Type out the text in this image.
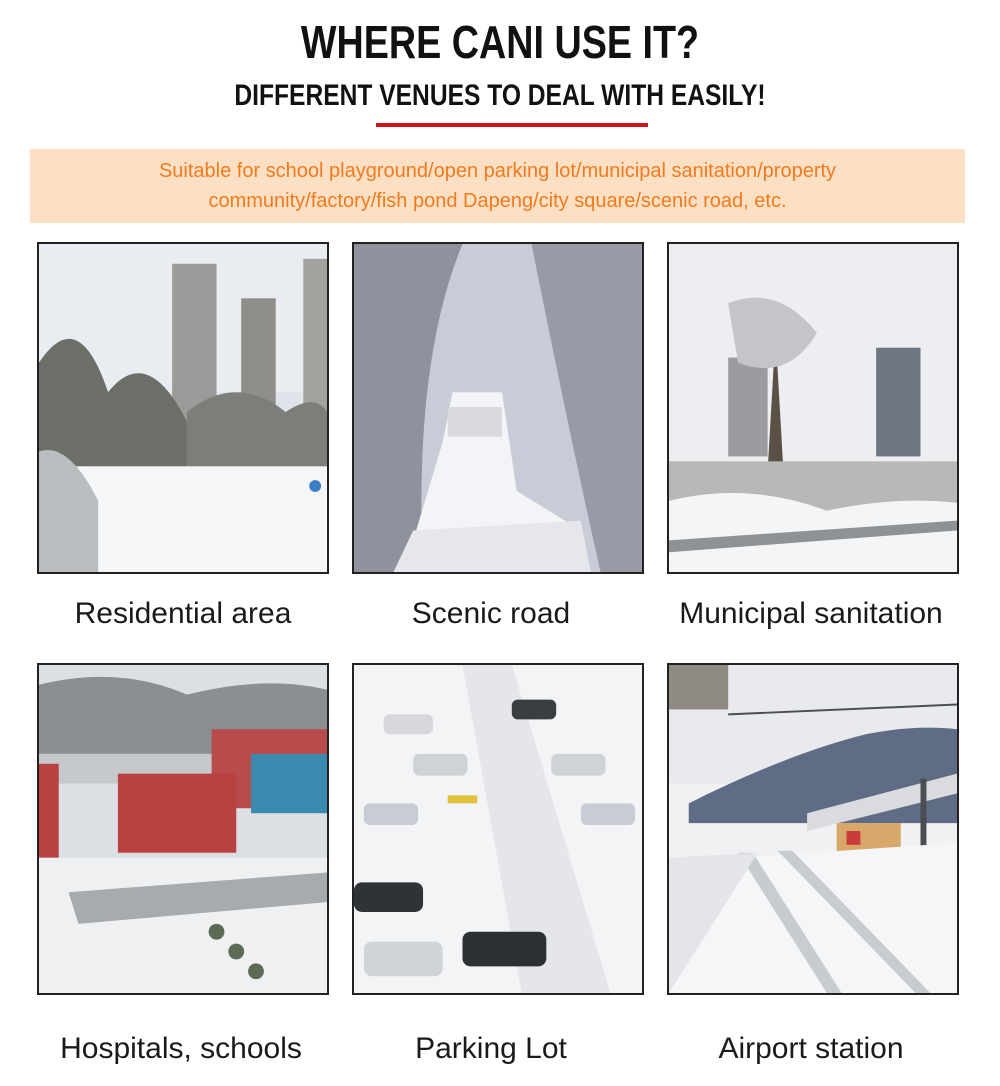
WHERE CANI USE IT?
DIFFERENT VENUES TO DEAL WITH EASILY!
Suitable for school playground/open parking lot/municipal sanitation/property community/factory/fish pond Dapeng/city square/scenic road, etc.
Residential area	Scenic road	Municipal sanitation
Hospitals, schools	Parking Lot	Airport station
